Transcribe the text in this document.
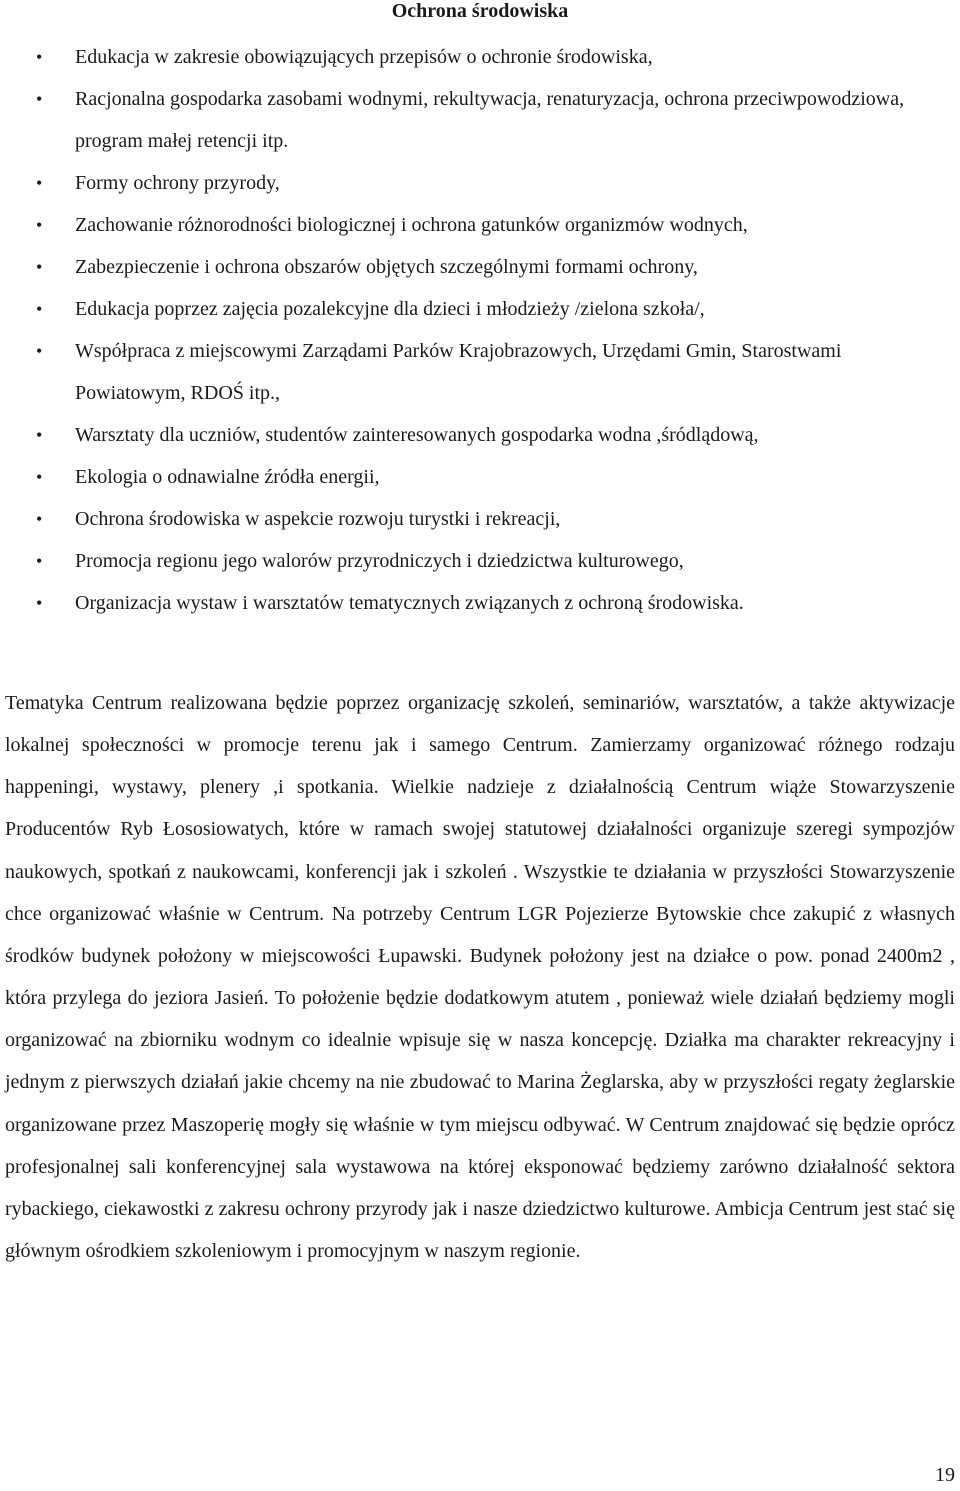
Ochrona środowiska
• Edukacja w zakresie obowiązujących przepisów o ochronie środowiska,
• Racjonalna gospodarka zasobami wodnymi, rekultywacja, renaturyzacja, ochrona przeciwpowodziowa, program małej retencji itp.
• Formy ochrony przyrody,
• Zachowanie różnorodności biologicznej i ochrona gatunków organizmów wodnych,
• Zabezpieczenie i ochrona obszarów objętych szczególnymi formami ochrony,
• Edukacja poprzez zajęcia pozalekcyjne dla dzieci i młodzieży /zielona szkoła/,
• Współpraca z miejscowymi Zarządami Parków Krajobrazowych, Urzędami Gmin, Starostwami Powiatowym, RDOŚ itp.,
• Warsztaty dla uczniów, studentów zainteresowanych gospodarka wodna ,śródlądową,
• Ekologia o odnawialne źródła energii,
• Ochrona środowiska w aspekcie rozwoju turystki i rekreacji,
• Promocja regionu jego walorów przyrodniczych i dziedzictwa kulturowego,
• Organizacja wystaw i warsztatów tematycznych związanych z ochroną środowiska.

Tematyka Centrum realizowana będzie poprzez organizację szkoleń, seminariów, warsztatów, a także aktywizacje lokalnej społeczności w promocje terenu jak i samego Centrum. Zamierzamy organizować różnego rodzaju happeningi, wystawy, plenery ,i spotkania. Wielkie nadzieje z działalnością Centrum wiąże Stowarzyszenie Producentów Ryb Łososiowatych, które w ramach swojej statutowej działalności organizuje szeregi sympozjów naukowych, spotkań z naukowcami, konferencji jak i szkoleń . Wszystkie te działania w przyszłości Stowarzyszenie chce organizować właśnie w Centrum. Na potrzeby Centrum LGR Pojezierze Bytowskie chce zakupić z własnych środków budynek położony w miejscowości Łupawski. Budynek położony jest na działce o pow. ponad 2400m2 , która przylega do jeziora Jasień. To położenie będzie dodatkowym atutem , ponieważ wiele działań będziemy mogli organizować na zbiorniku wodnym co idealnie wpisuje się w nasza koncepcję. Działka ma charakter rekreacyjny i jednym z pierwszych działań jakie chcemy na nie zbudować to Marina Żeglarska, aby w przyszłości regaty żeglarskie organizowane przez Maszoperię mogły się właśnie w tym miejscu odbywać. W Centrum znajdować się będzie oprócz profesjonalnej sali konferencyjnej sala wystawowa na której eksponować będziemy zarówno działalność sektora rybackiego, ciekawostki z zakresu ochrony przyrody jak i nasze dziedzictwo kulturowe. Ambicja Centrum jest stać się głównym ośrodkiem szkoleniowym i promocyjnym w naszym regionie.

19
